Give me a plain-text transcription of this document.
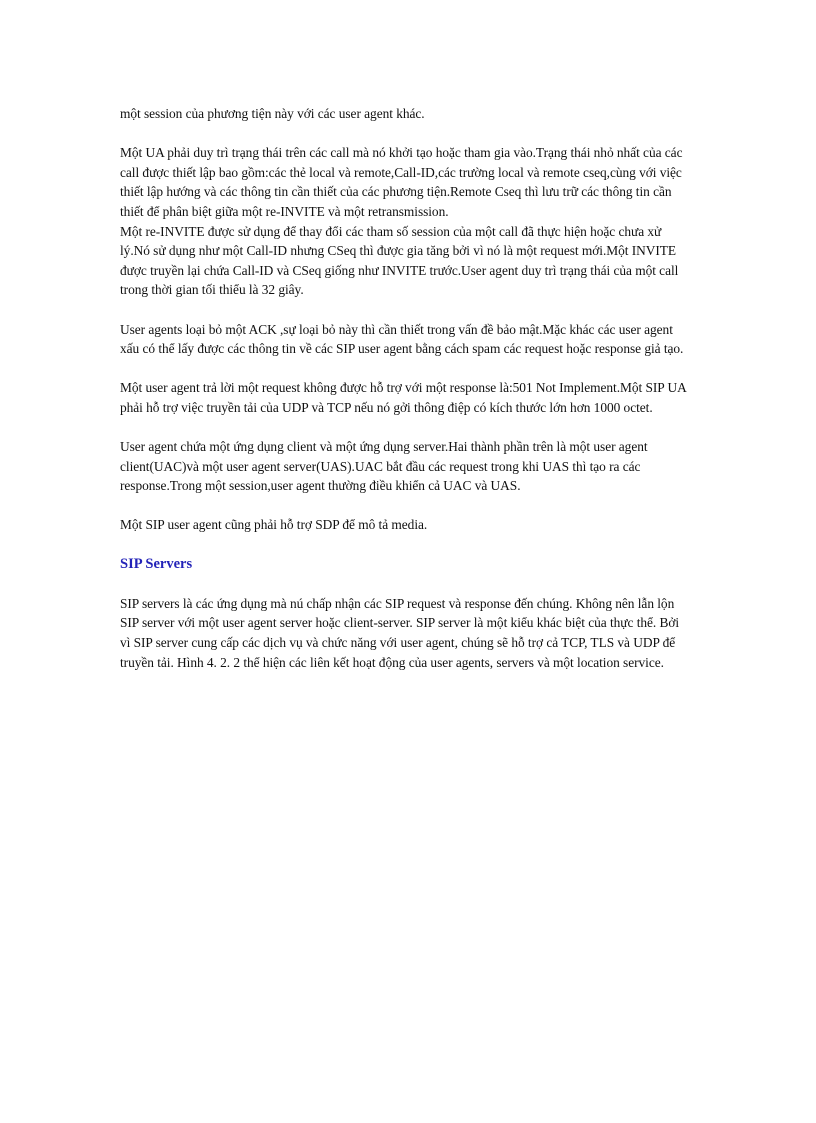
một session của phương tiện này với các user agent khác.

Một UA phải duy trì trạng thái trên các call mà nó khởi tạo hoặc tham gia vào.Trạng thái nhỏ nhất của các call được thiết lập bao gồm:các thẻ local và remote,Call-ID,các trường local và remote cseq,cùng với việc thiết lập hướng và các thông tin cần thiết của các phương tiện.Remote Cseq thì lưu trữ các thông tin cần thiết để phân biệt giữa một re-INVITE và một retransmission.

Một re-INVITE được sử dụng để thay đổi các tham số session của một call đã thực hiện hoặc chưa xử lý.Nó sử dụng như một Call-ID nhưng CSeq thì được gia tăng bởi vì nó là một request mới.Một INVITE được truyền lại chứa Call-ID và CSeq giống như INVITE trước.User agent duy trì trạng thái của một call trong thời gian tối thiểu là 32 giây.

User agents loại bỏ một ACK ,sự loại bỏ này thì cần thiết trong vấn đề bảo mật.Mặc khác các user agent xấu có thể lấy được các thông tin về các SIP user agent bằng cách spam các request hoặc response giả tạo.

Một user agent trả lời một request không được hỗ trợ với một response là:501 Not Implement.Một SIP UA phải hỗ trợ việc truyền tải của UDP và TCP nếu nó gởi thông điệp có kích thước lớn hơn 1000 octet.

User agent chứa một ứng dụng client và một ứng dụng server.Hai thành phần trên là một user agent client(UAC)và một user agent server(UAS).UAC bắt đầu các request trong khi UAS thì tạo ra các response.Trong một session,user agent thường điều khiển cả UAC và UAS.

Một SIP user agent cũng phải hỗ trợ SDP để mô tả media.

SIP Servers

SIP servers là các ứng dụng mà nú chấp nhận các SIP request và response đến chúng. Không nên lẫn lộn SIP server với một user agent server hoặc client-server. SIP server là một kiểu khác biệt của thực thể. Bởi vì SIP server cung cấp các dịch vụ và chức năng với user agent, chúng sẽ hỗ trợ cả TCP, TLS và UDP để truyền tải. Hình 4. 2. 2 thể hiện các liên kết hoạt động của user agents, servers và một location service.
